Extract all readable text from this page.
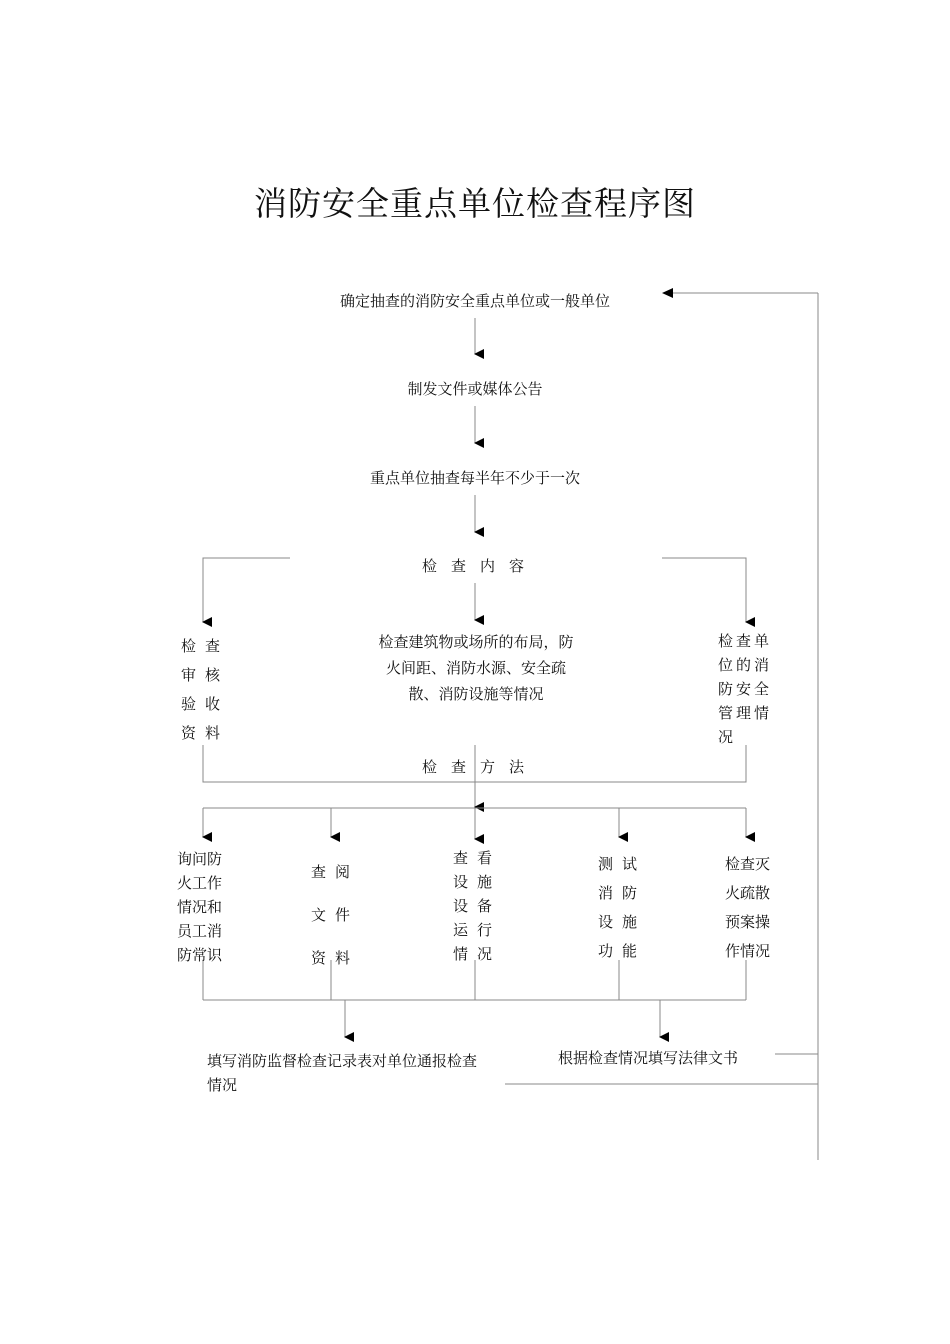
消防安全重点单位检查程序图
确定抽查的消防安全重点单位或一般单位
制发文件或媒体公告
重点单位抽查每半年不少于一次
检查内容
检查审核验收资料
检查建筑物或场所的布局，防火间距、消防水源、安全疏散、消防设施等情况
检查单位的消防安全管理情况
检查方法
询问防火工作情况和员工消防常识
查阅文件资料
查看设施设备运行情况
测试消防设施功能
检查灭火疏散预案操作情况
填写消防监督检查记录表对单位通报检查情况
根据检查情况填写法律文书
